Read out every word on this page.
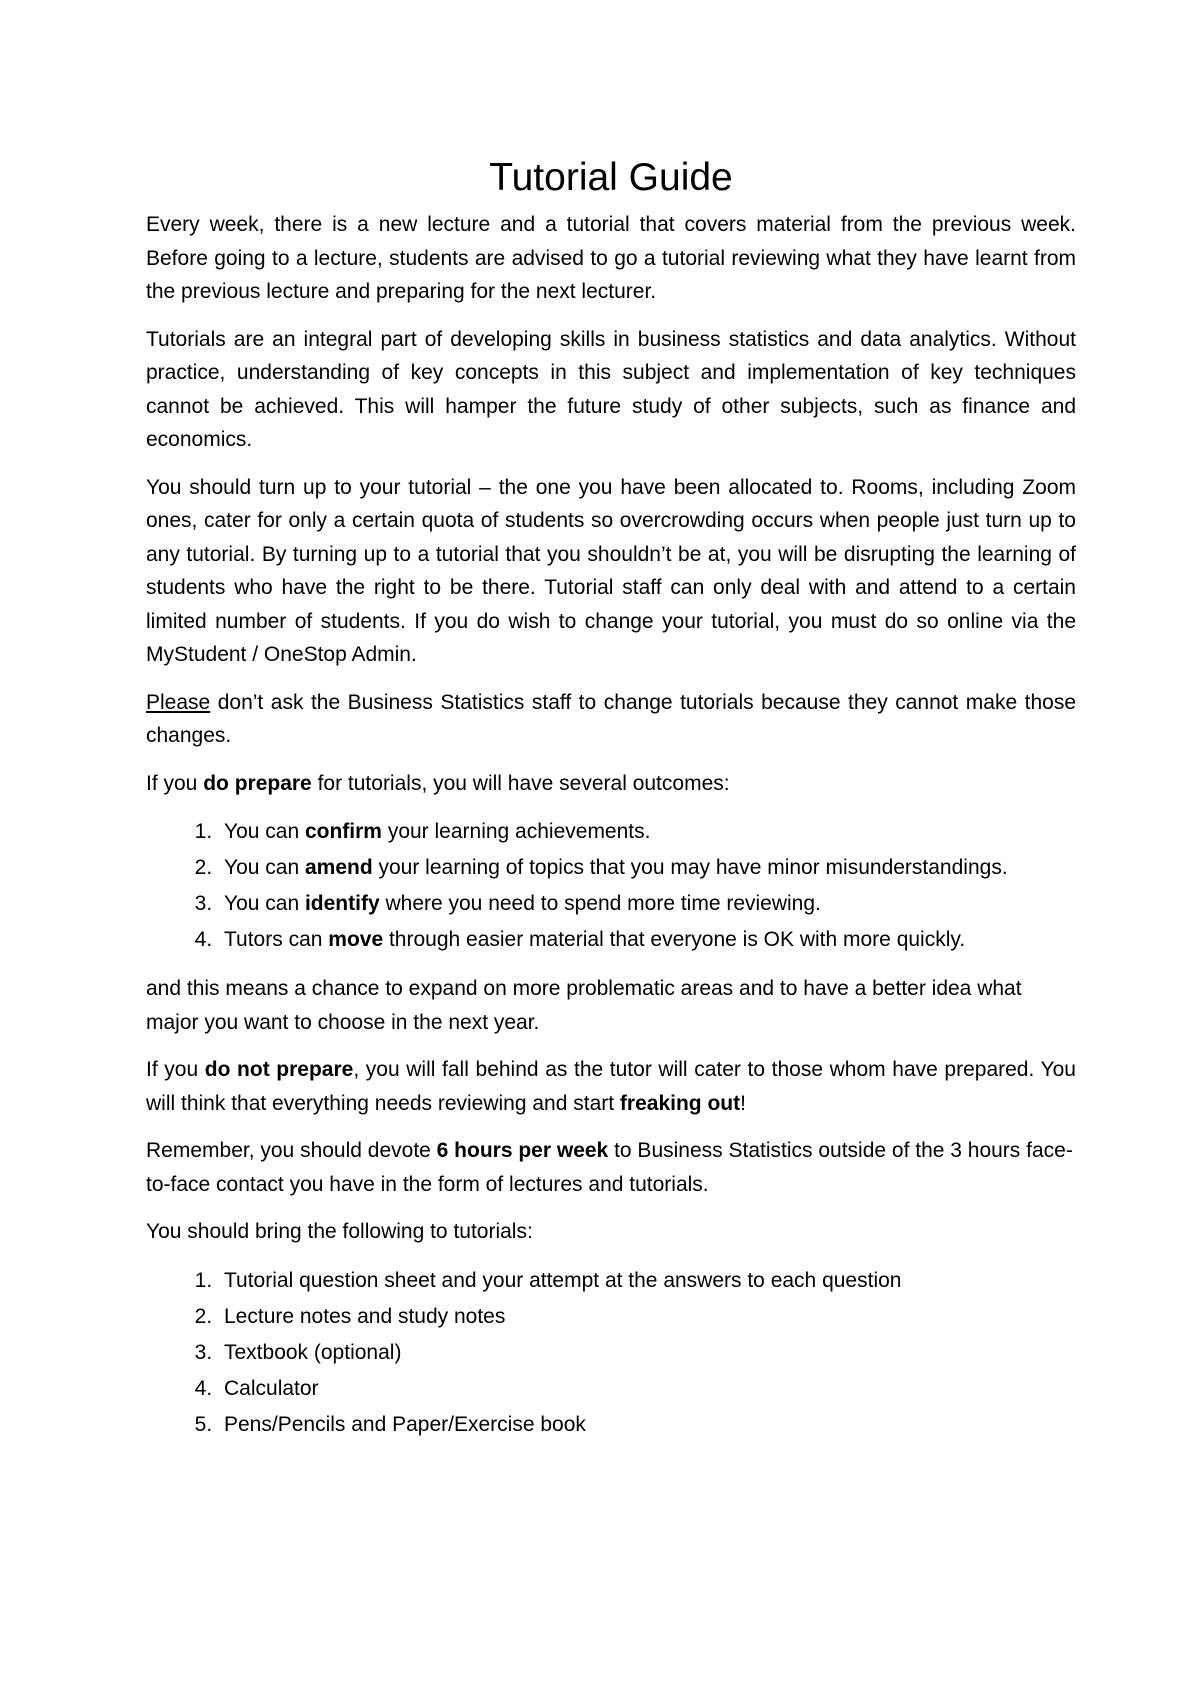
Tutorial Guide

Every week, there is a new lecture and a tutorial that covers material from the previous week. Before going to a lecture, students are advised to go a tutorial reviewing what they have learnt from the previous lecture and preparing for the next lecturer.

Tutorials are an integral part of developing skills in business statistics and data analytics. Without practice, understanding of key concepts in this subject and implementation of key techniques cannot be achieved. This will hamper the future study of other subjects, such as finance and economics.

You should turn up to your tutorial – the one you have been allocated to. Rooms, including Zoom ones, cater for only a certain quota of students so overcrowding occurs when people just turn up to any tutorial. By turning up to a tutorial that you shouldn’t be at, you will be disrupting the learning of students who have the right to be there. Tutorial staff can only deal with and attend to a certain limited number of students. If you do wish to change your tutorial, you must do so online via the MyStudent / OneStop Admin.

Please don’t ask the Business Statistics staff to change tutorials because they cannot make those changes.

If you do prepare for tutorials, you will have several outcomes:

1. You can confirm your learning achievements.
2. You can amend your learning of topics that you may have minor misunderstandings.
3. You can identify where you need to spend more time reviewing.
4. Tutors can move through easier material that everyone is OK with more quickly.

and this means a chance to expand on more problematic areas and to have a better idea what major you want to choose in the next year.

If you do not prepare, you will fall behind as the tutor will cater to those whom have prepared. You will think that everything needs reviewing and start freaking out!

Remember, you should devote 6 hours per week to Business Statistics outside of the 3 hours face-to-face contact you have in the form of lectures and tutorials.

You should bring the following to tutorials:

1. Tutorial question sheet and your attempt at the answers to each question
2. Lecture notes and study notes
3. Textbook (optional)
4. Calculator
5. Pens/Pencils and Paper/Exercise book
